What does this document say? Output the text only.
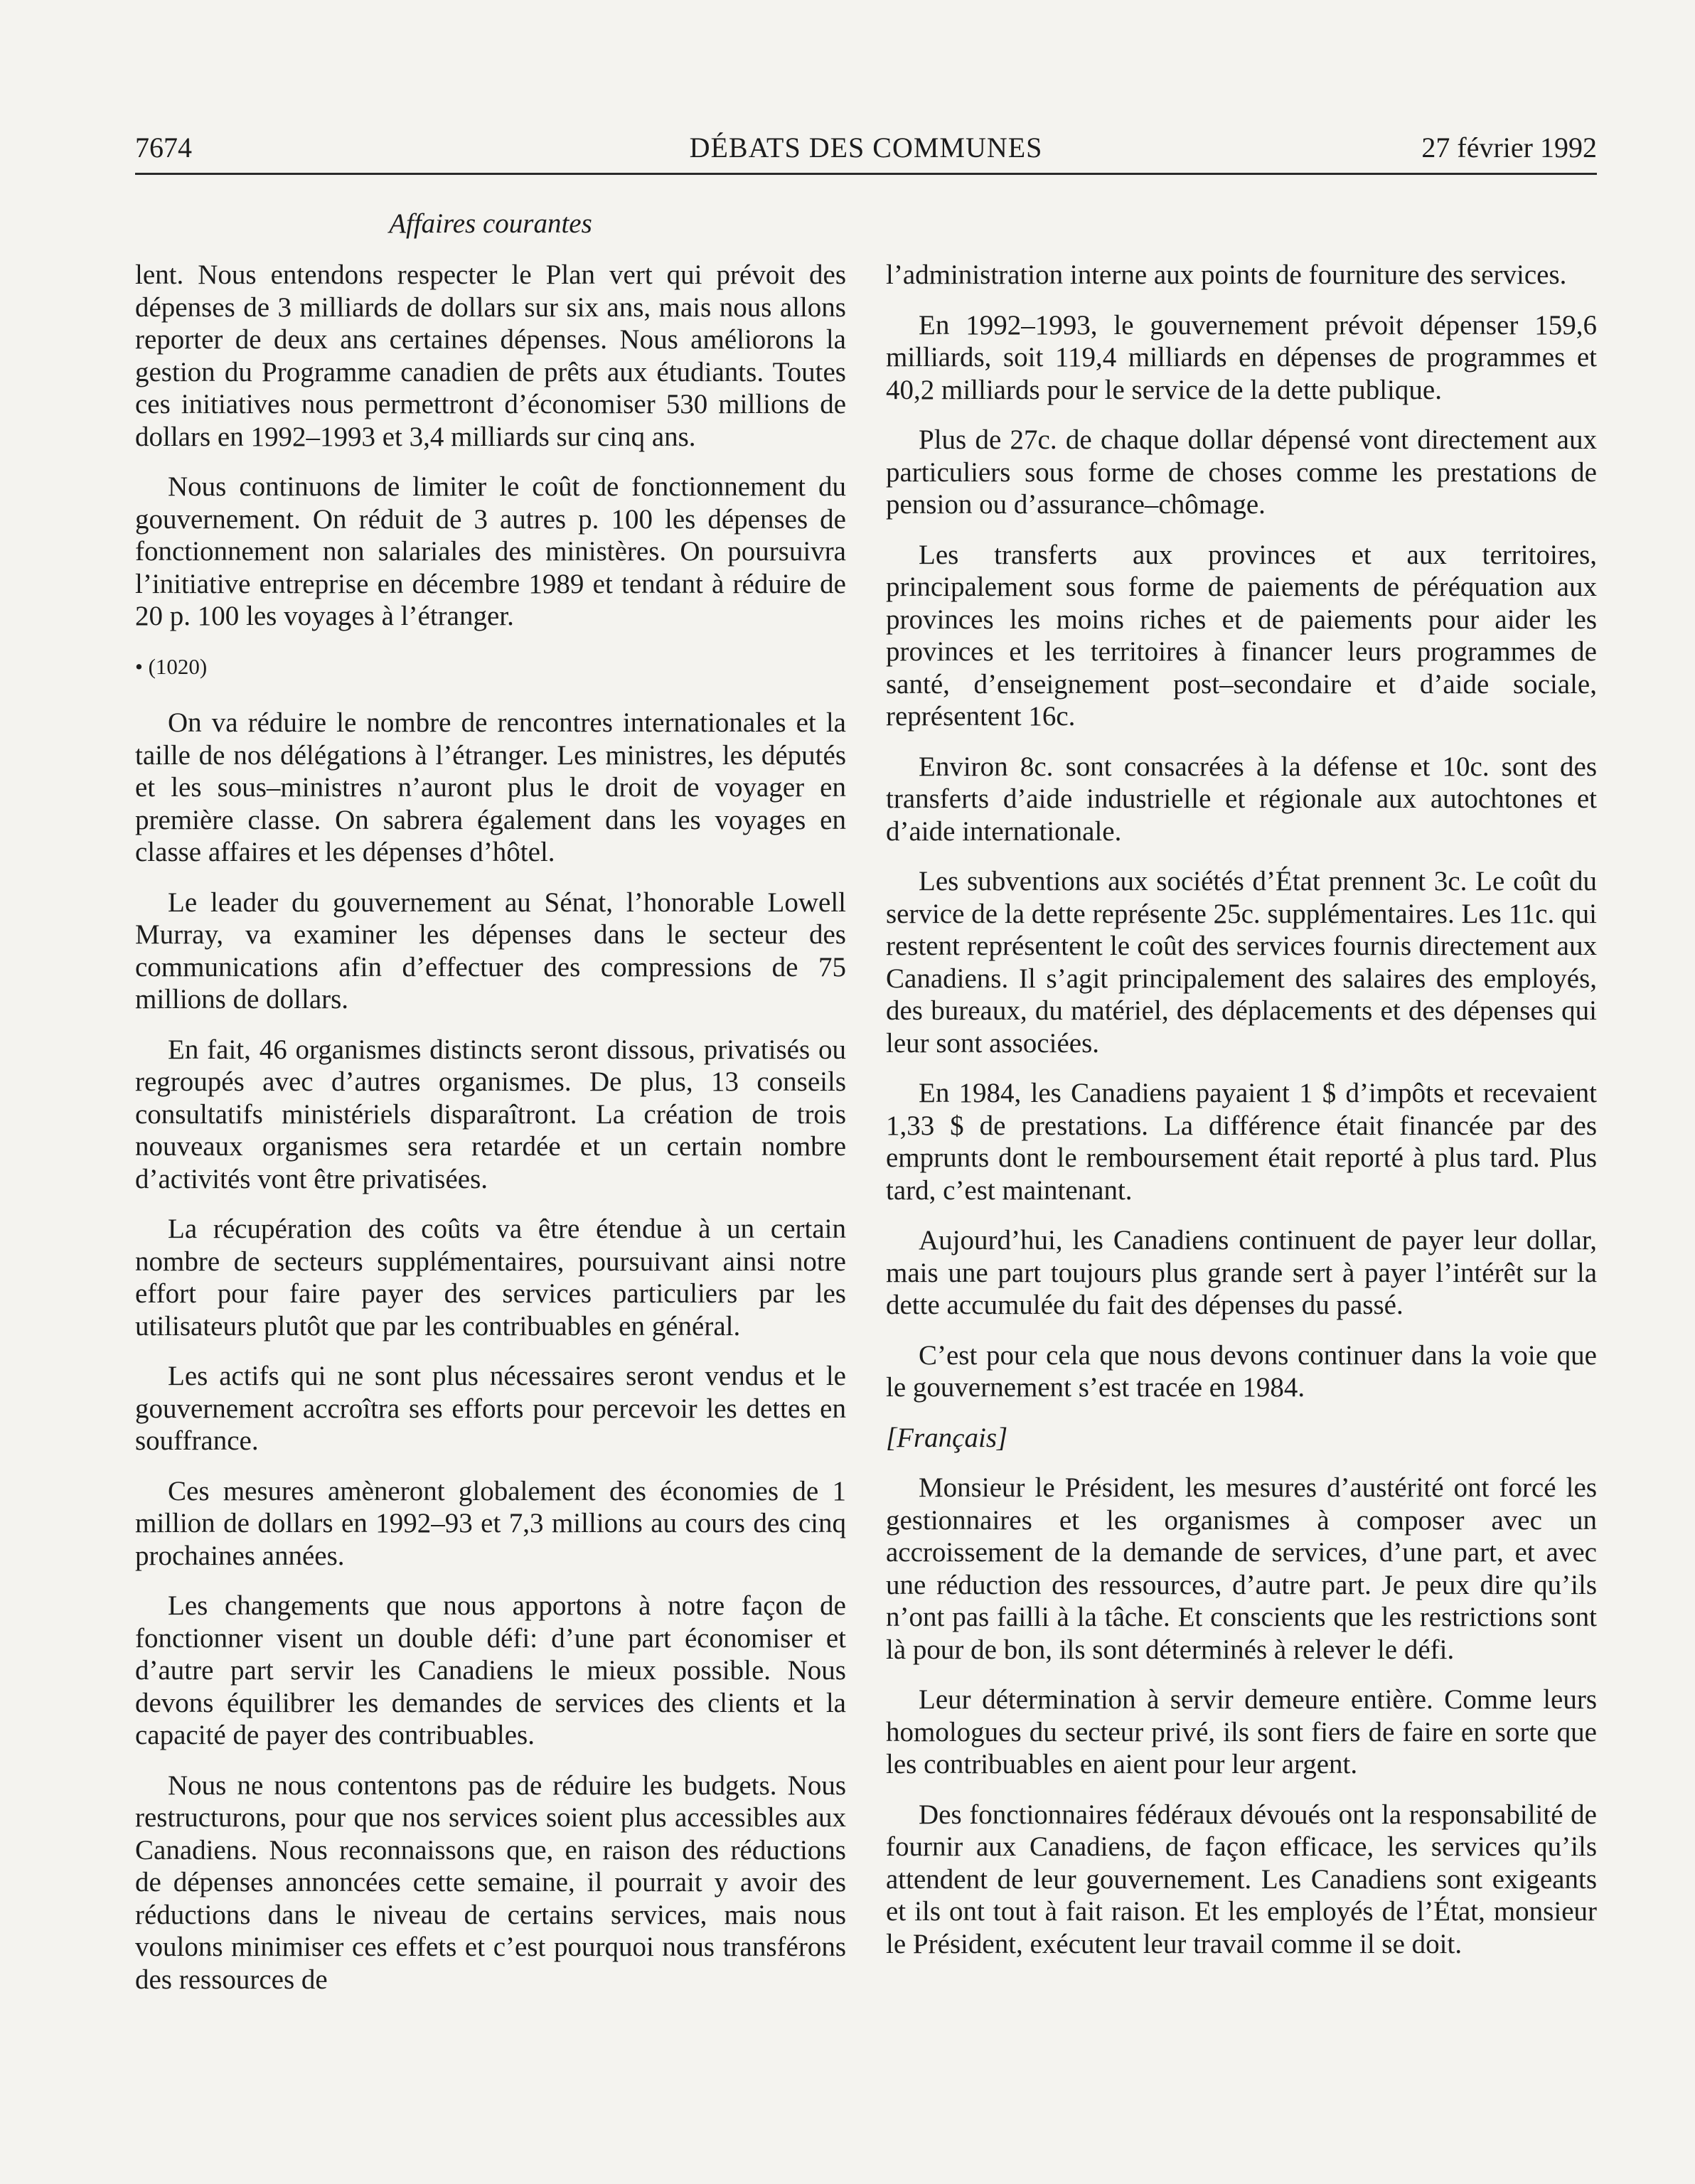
7674	DÉBATS DES COMMUNES	27 février 1992
Affaires courantes

lent. Nous entendons respecter le Plan vert qui prévoit des dépenses de 3 milliards de dollars sur six ans, mais nous allons reporter de deux ans certaines dépenses. Nous améliorons la gestion du Programme canadien de prêts aux étudiants. Toutes ces initiatives nous permettront d’économiser 530 millions de dollars en 1992–1993 et 3,4 milliards sur cinq ans.

Nous continuons de limiter le coût de fonctionnement du gouvernement. On réduit de 3 autres p. 100 les dépenses de fonctionnement non salariales des ministères. On poursuivra l’initiative entreprise en décembre 1989 et tendant à réduire de 20 p. 100 les voyages à l’étranger.

• (1020)

On va réduire le nombre de rencontres internationales et la taille de nos délégations à l’étranger. Les ministres, les députés et les sous–ministres n’auront plus le droit de voyager en première classe. On sabrera également dans les voyages en classe affaires et les dépenses d’hôtel.

Le leader du gouvernement au Sénat, l’honorable Lowell Murray, va examiner les dépenses dans le secteur des communications afin d’effectuer des compressions de 75 millions de dollars.

En fait, 46 organismes distincts seront dissous, privatisés ou regroupés avec d’autres organismes. De plus, 13 conseils consultatifs ministériels disparaîtront. La création de trois nouveaux organismes sera retardée et un certain nombre d’activités vont être privatisées.

La récupération des coûts va être étendue à un certain nombre de secteurs supplémentaires, poursuivant ainsi notre effort pour faire payer des services particuliers par les utilisateurs plutôt que par les contribuables en général.

Les actifs qui ne sont plus nécessaires seront vendus et le gouvernement accroîtra ses efforts pour percevoir les dettes en souffrance.

Ces mesures amèneront globalement des économies de 1 million de dollars en 1992–93 et 7,3 millions au cours des cinq prochaines années.

Les changements que nous apportons à notre façon de fonctionner visent un double défi: d’une part économiser et d’autre part servir les Canadiens le mieux possible. Nous devons équilibrer les demandes de services des clients et la capacité de payer des contribuables.

Nous ne nous contentons pas de réduire les budgets. Nous restructurons, pour que nos services soient plus accessibles aux Canadiens. Nous reconnaissons que, en raison des réductions de dépenses annoncées cette semaine, il pourrait y avoir des réductions dans le niveau de certains services, mais nous voulons minimiser ces effets et c’est pourquoi nous transférons des ressources de

l’administration interne aux points de fourniture des services.

En 1992–1993, le gouvernement prévoit dépenser 159,6 milliards, soit 119,4 milliards en dépenses de programmes et 40,2 milliards pour le service de la dette publique.

Plus de 27c. de chaque dollar dépensé vont directement aux particuliers sous forme de choses comme les prestations de pension ou d’assurance–chômage.

Les transferts aux provinces et aux territoires, principalement sous forme de paiements de péréquation aux provinces les moins riches et de paiements pour aider les provinces et les territoires à financer leurs programmes de santé, d’enseignement post–secondaire et d’aide sociale, représentent 16c.

Environ 8c. sont consacrées à la défense et 10c. sont des transferts d’aide industrielle et régionale aux autochtones et d’aide internationale.

Les subventions aux sociétés d’État prennent 3c. Le coût du service de la dette représente 25c. supplémentaires. Les 11c. qui restent représentent le coût des services fournis directement aux Canadiens. Il s’agit principalement des salaires des employés, des bureaux, du matériel, des déplacements et des dépenses qui leur sont associées.

En 1984, les Canadiens payaient 1 $ d’impôts et recevaient 1,33 $ de prestations. La différence était financée par des emprunts dont le remboursement était reporté à plus tard. Plus tard, c’est maintenant.

Aujourd’hui, les Canadiens continuent de payer leur dollar, mais une part toujours plus grande sert à payer l’intérêt sur la dette accumulée du fait des dépenses du passé.

C’est pour cela que nous devons continuer dans la voie que le gouvernement s’est tracée en 1984.

[Français]

Monsieur le Président, les mesures d’austérité ont forcé les gestionnaires et les organismes à composer avec un accroissement de la demande de services, d’une part, et avec une réduction des ressources, d’autre part. Je peux dire qu’ils n’ont pas failli à la tâche. Et conscients que les restrictions sont là pour de bon, ils sont déterminés à relever le défi.

Leur détermination à servir demeure entière. Comme leurs homologues du secteur privé, ils sont fiers de faire en sorte que les contribuables en aient pour leur argent.

Des fonctionnaires fédéraux dévoués ont la responsabilité de fournir aux Canadiens, de façon efficace, les services qu’ils attendent de leur gouvernement. Les Canadiens sont exigeants et ils ont tout à fait raison. Et les employés de l’État, monsieur le Président, exécutent leur travail comme il se doit.
